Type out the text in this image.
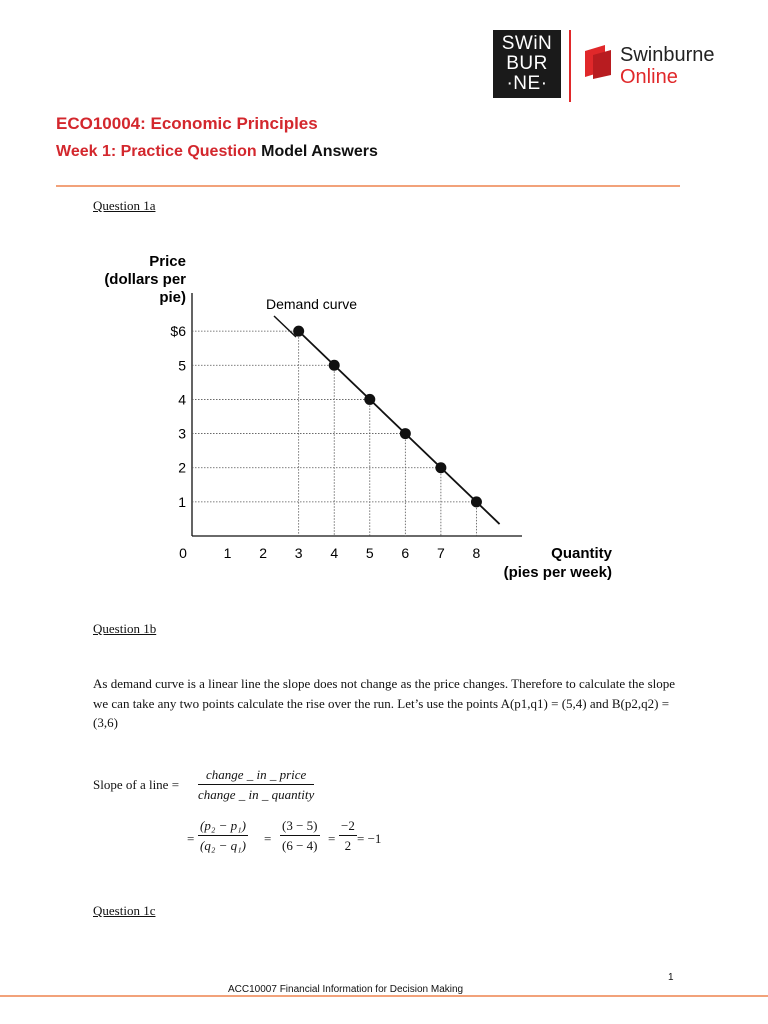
SWiN
BUR
·NE·
Swinburne
Online
ECO10004: Economic Principles
Week 1: Practice Question Model Answers
Question 1a
Price
(dollars per
pie)
Quantity
(pies per week)
Demand curve
0
1
2
3
4
5
$6
1 2 3 4 5 6 7 8
Question 1b
As demand curve is a linear line the slope does not change as the price changes. Therefore to calculate the slope we can take any two points calculate the rise over the run. Let’s use the points A(p1,q1) = (5,4) and B(p2,q2) = (3,6)
Slope of a line =
change _ in _ price
change _ in _ quantity
= $\frac{\text{(p₂ − p₁)}}{\text{(q₂ − q₁)}} = \frac{(3 - 5)}{(6 - 4)} = \frac{-2}{2} = -1$
Question 1c
1
ACC10007 Financial Information for Decision Making
